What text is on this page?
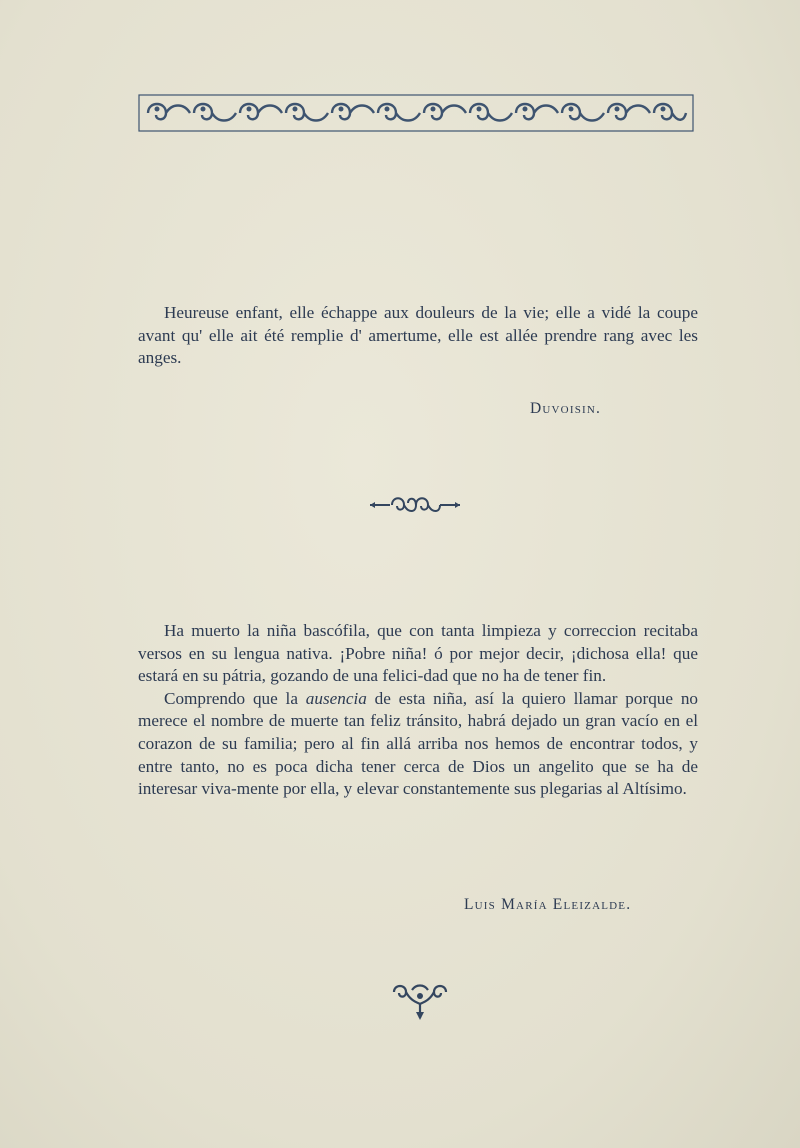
Heureuse enfant, elle échappe aux douleurs de la vie; elle a vidé la coupe avant qu' elle ait été remplie d' amertume, elle est allée prendre rang avec les anges.

Duvoisin.

Ha muerto la niña bascófila, que con tanta limpieza y correccion recitaba versos en su lengua nativa. ¡Pobre niña! ó por mejor decir, ¡dichosa ella! que estará en su pátria, gozando de una felici-dad que no ha de tener fin.

Comprendo que la ausencia de esta niña, así la quiero llamar porque no merece el nombre de muerte tan feliz tránsito, habrá dejado un gran vacío en el corazon de su familia; pero al fin allá arriba nos hemos de encontrar todos, y entre tanto, no es poca dicha tener cerca de Dios un angelito que se ha de interesar viva-mente por ella, y elevar constantemente sus plegarias al Altísimo.

Luis María Eleizalde.
